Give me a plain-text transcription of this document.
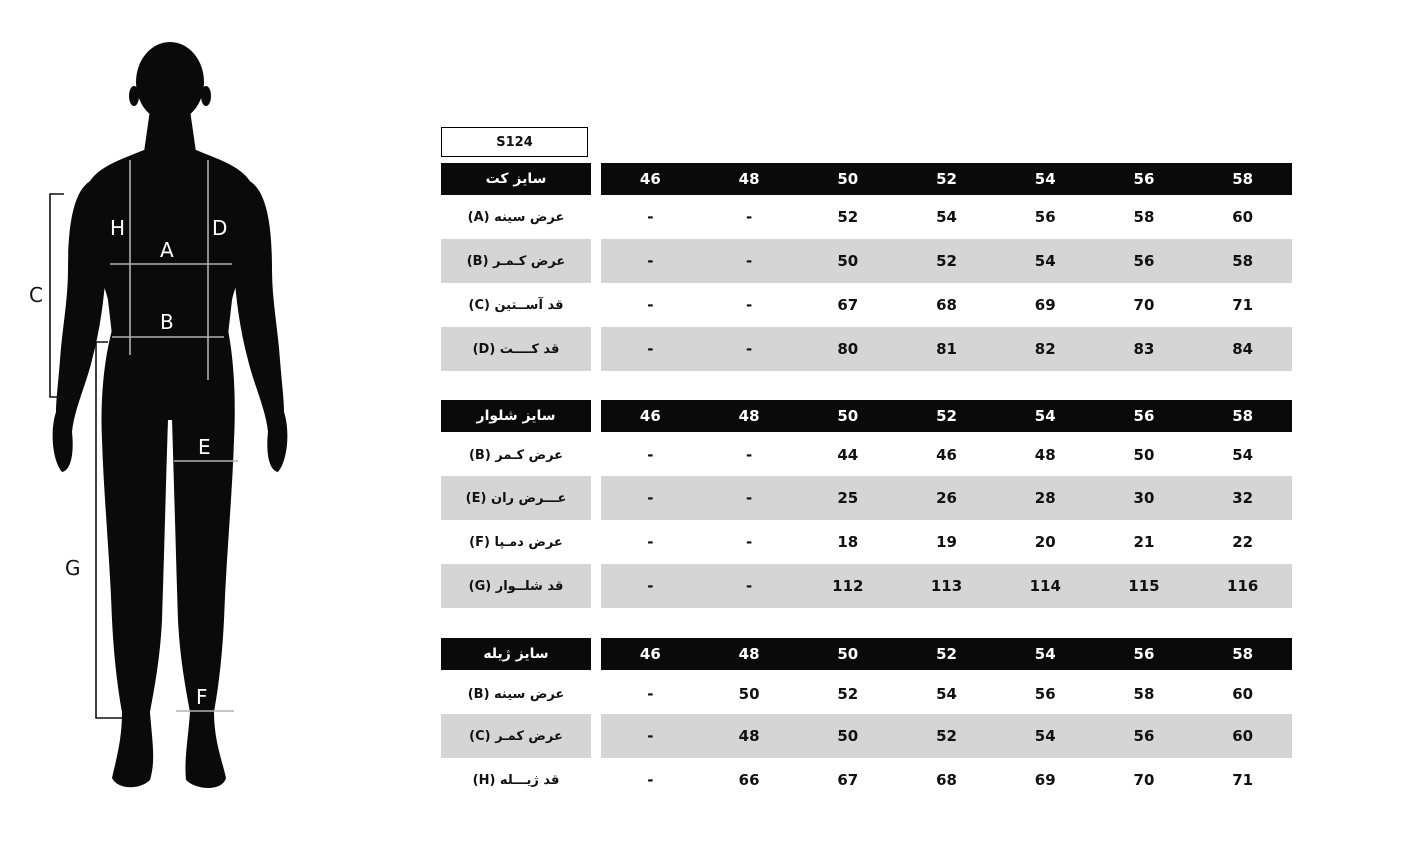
H	D
A
B
E
F
C
G
S124
سایز کت	46	48	50	52	54	56	58
عرض سینه (A)	-	-	52	54	56	58	60
عرض کـمـر (B)	-	-	50	52	54	56	58
قد آســتین (C)	-	-	67	68	69	70	71
قد کــــت (D)	-	-	80	81	82	83	84
سایز شلوار	46	48	50	52	54	56	58
عرض کـمر (B)	-	-	44	46	48	50	54
عـــرض ران (E)	-	-	25	26	28	30	32
عرض دمـپا (F)	-	-	18	19	20	21	22
قد شلــوار (G)	-	-	112	113	114	115	116
سایز ژیله	46	48	50	52	54	56	58
عرض سینه (B)	-	50	52	54	56	58	60
عرض کمـر (C)	-	48	50	52	54	56	60
قد ژیـــله (H)	-	66	67	68	69	70	71
